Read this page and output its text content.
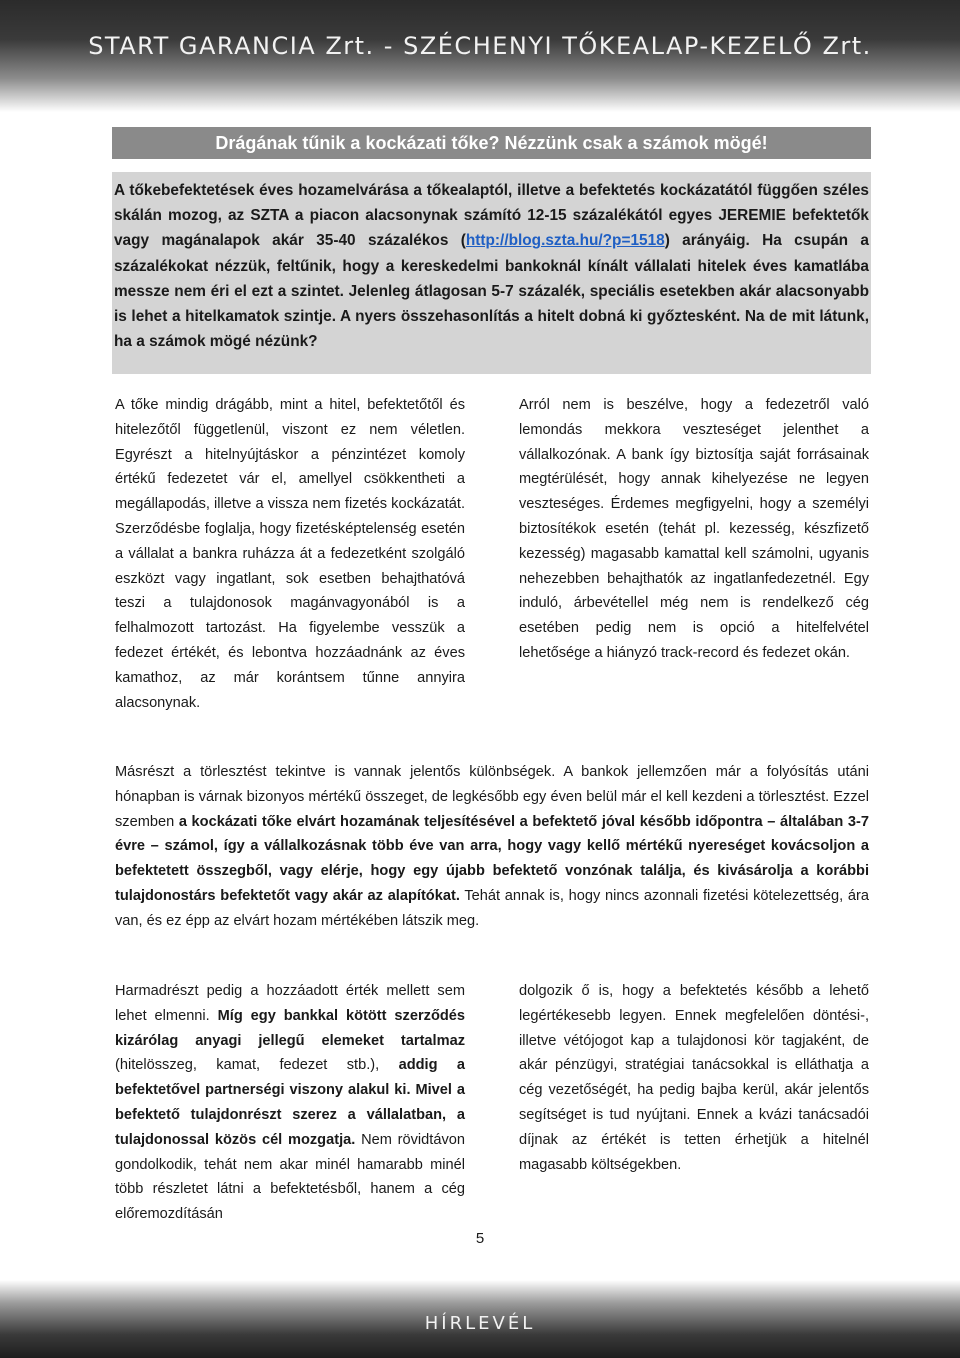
START GARANCIA Zrt. - SZÉCHENYI TŐKEALAP-KEZELŐ Zrt.
Drágának tűnik a kockázati tőke? Nézzünk csak a számok mögé!
A tőkebefektetések éves hozamelvárása a tőkealaptól, illetve a befektetés kockázatától függően széles skálán mozog, az SZTA a piacon alacsonynak számító 12-15 százalékától egyes JEREMIE befektetők vagy magánalapok akár 35-40 százalékos (http://blog.szta.hu/?p=1518) arányáig. Ha csupán a százalékokat nézzük, feltűnik, hogy a kereskedelmi bankoknál kínált vállalati hitelek éves kamatlába messze nem éri el ezt a szintet. Jelenleg átlagosan 5-7 százalék, speciális esetekben akár alacsonyabb is lehet a hitelkamatok szintje. A nyers összehasonlítás a hitelt dobná ki győztesként. Na de mit látunk, ha a számok mögé nézünk?
A tőke mindig drágább, mint a hitel, befektetőtől és hitelezőtől függetlenül, viszont ez nem véletlen. Egyrészt a hitelnyújtáskor a pénzintézet komoly értékű fedezetet vár el, amellyel csökkentheti a megállapodás, illetve a vissza nem fizetés kockázatát. Szerződésbe foglalja, hogy fizetésképtelenség esetén a vállalat a bankra ruházza át a fedezetként szolgáló eszközt vagy ingatlant, sok esetben behajthatóvá teszi a tulajdonosok magánvagyonából is a felhalmozott tartozást. Ha figyelembe vesszük a fedezet értékét, és lebontva hozzáadnánk az éves kamathoz, az már korántsem tűnne annyira alacsonynak.
Arról nem is beszélve, hogy a fedezetről való lemondás mekkora veszteséget jelenthet a vállalkozónak. A bank így biztosítja saját forrásainak megtérülését, hogy annak kihelyezése ne legyen veszteséges. Érdemes megfigyelni, hogy a személyi biztosítékok esetén (tehát pl. kezesség, készfizető kezesség) magasabb kamattal kell számolni, ugyanis nehezebben behajthatók az ingatlanfedezetnél. Egy induló, árbevétellel még nem is rendelkező cég esetében pedig nem is opció a hitelfelvétel lehetősége a hiányzó track-record és fedezet okán.
Másrészt a törlesztést tekintve is vannak jelentős különbségek. A bankok jellemzően már a folyósítás utáni hónapban is várnak bizonyos mértékű összeget, de legkésőbb egy éven belül már el kell kezdeni a törlesztést. Ezzel szemben a kockázati tőke elvárt hozamának teljesítésével a befektető jóval később időpontra – általában 3-7 évre – számol, így a vállalkozásnak több éve van arra, hogy vagy kellő mértékű nyereséget kovácsoljon a befektetett összegből, vagy elérje, hogy egy újabb befektető vonzónak találja, és kivásárolja a korábbi tulajdonostárs befektetőt vagy akár az alapítókat. Tehát annak is, hogy nincs azonnali fizetési kötelezettség, ára van, és ez épp az elvárt hozam mértékében látszik meg.
Harmadrészt pedig a hozzáadott érték mellett sem lehet elmenni. Míg egy bankkal kötött szerződés kizárólag anyagi jellegű elemeket tartalmaz (hitelösszeg, kamat, fedezet stb.), addig a befektetővel partnerségi viszony alakul ki. Mivel a befektető tulajdonrészt szerez a vállalatban, a tulajdonossal közös cél mozgatja. Nem rövidtávon gondolkodik, tehát nem akar minél hamarabb minél több részletet látni a befektetésből, hanem a cég előremozdításán
dolgozik ő is, hogy a befektetés később a lehető legértékesebb legyen. Ennek megfelelően döntési-, illetve vétójogot kap a tulajdonosi kör tagjaként, de akár pénzügyi, stratégiai tanácsokkal is elláthatja a cég vezetőségét, ha pedig bajba kerül, akár jelentős segítséget is tud nyújtani. Ennek a kvázi tanácsadói díjnak az értékét is tetten érhetjük a hitelnél magasabb költségekben.
5
HÍRLEVÉL
